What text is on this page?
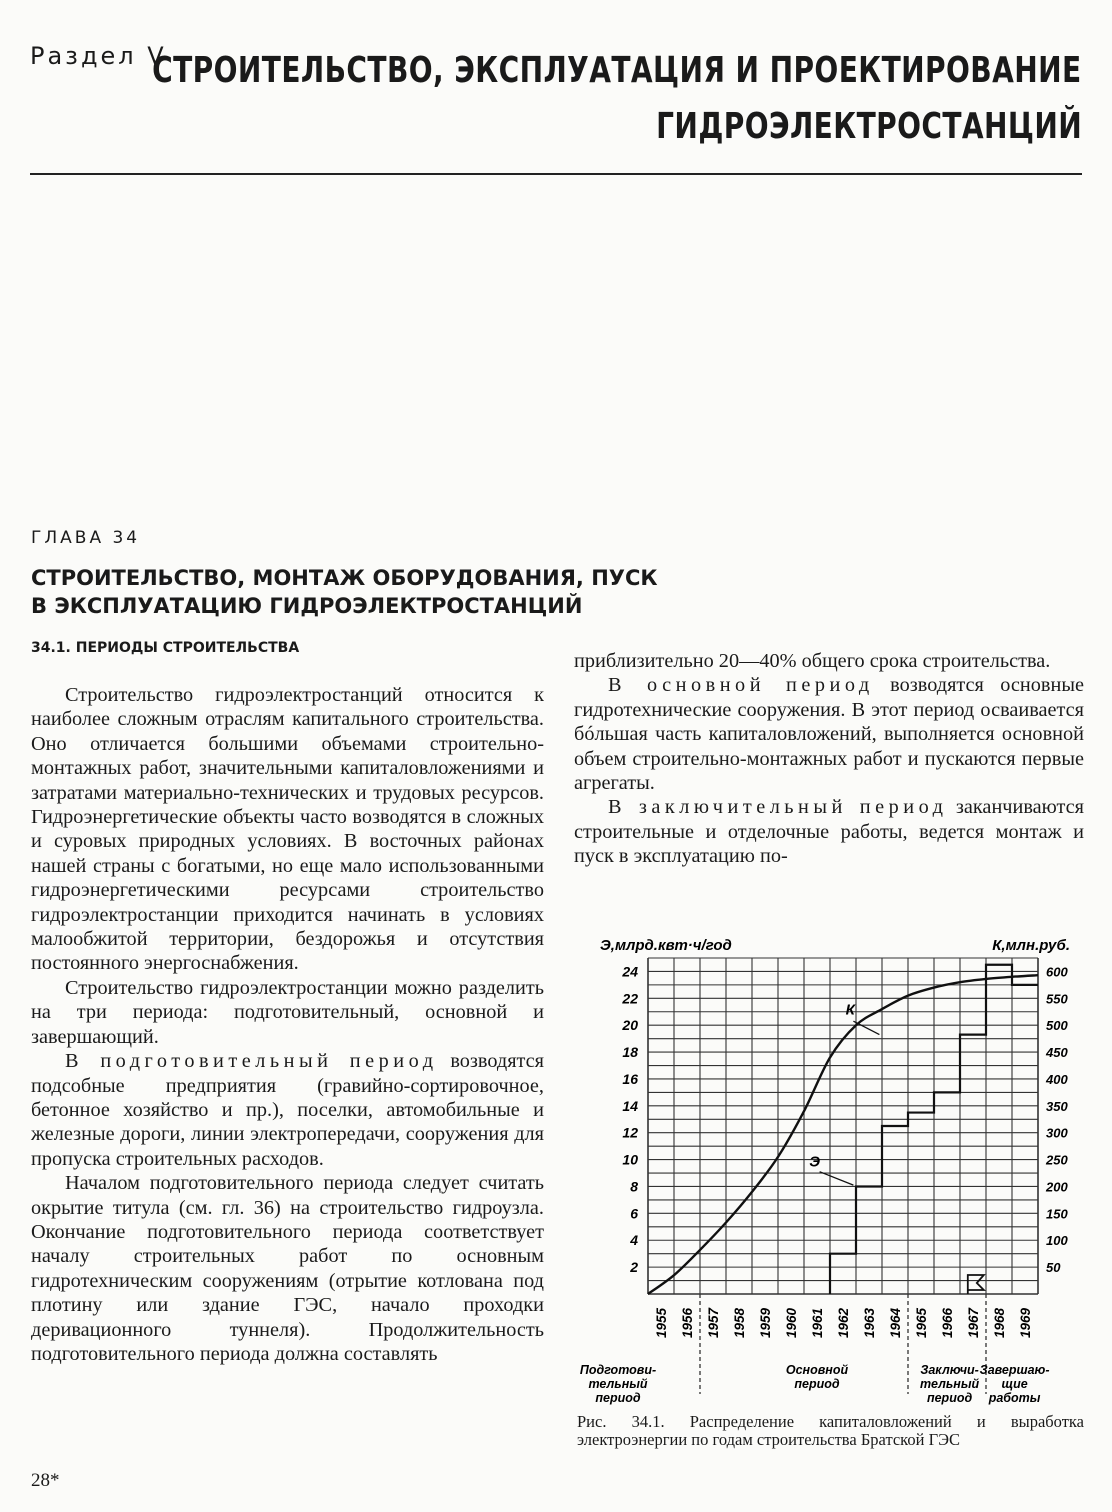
Раздел V
СТРОИТЕЛЬСТВО, ЭКСПЛУАТАЦИЯ И ПРОЕКТИРОВАНИЕ
ГИДРОЭЛЕКТРОСТАНЦИЙ
ГЛАВА 34
СТРОИТЕЛЬСТВО, МОНТАЖ ОБОРУДОВАНИЯ, ПУСК
В ЭКСПЛУАТАЦИЮ ГИДРОЭЛЕКТРОСТАНЦИЙ
34.1. ПЕРИОДЫ СТРОИТЕЛЬСТВА

Строительство гидроэлектростанций относится к наиболее сложным отраслям капитального строительства. Оно отличается большими объемами строительно-монтажных работ, значительными капиталовложениями и затратами материально-технических и трудовых ресурсов. Гидроэнергетические объекты часто возводятся в сложных и суровых природных условиях. В восточных районах нашей страны с богатыми, но еще мало использованными гидроэнергетическими ресурсами строительство гидроэлектростанции приходится начинать в условиях малообжитой территории, бездорожья и отсутствия постоянного энергоснабжения.

Строительство гидроэлектростанции можно разделить на три периода: подготовительный, основной и завершающий.

В подготовительный период возводятся подсобные предприятия (гравийно-сортировочное, бетонное хозяйство и пр.), поселки, автомобильные и железные дороги, линии электропередачи, сооружения для пропуска строительных расходов.

Началом подготовительного периода следует считать окрытие титула (см. гл. 36) на строительство гидроузла. Окончание подготовительного периода соответствует началу строительных работ по основным гидротехническим сооружениям (отрытие котлована под плотину или здание ГЭС, начало проходки деривационного туннеля). Продолжительность подготовительного периода должна составлять

приблизительно 20—40% общего срока строительства.

В основной период возводятся основные гидротехнические сооружения. В этот период осваивается бóльшая часть капиталовложений, выполняется основной объем строительно-монтажных работ и пускаются первые агрегаты.

В заключительный период заканчиваются строительные и отделочные работы, ведется монтаж и пуск в эксплуатацию по-

2
4
6
8
10
12
14
16
18
20
22
24
50
100
150
200
250
300
350
400
450
500
550
600
1955 1956 1957 1958 1959 1960 1961 1962 1963 1964 1965 1966 1967 1968 1969
Подготови-
тельный
период
Основной
период
Заключи-
тельный
период
Завершаю-
щие
работы
К
Э
Э,млрд.квт·ч/год	К,млн.руб.
Рис. 34.1. Распределение капиталовложений и выработка электроэнергии по годам строительства Братской ГЭС
28*
